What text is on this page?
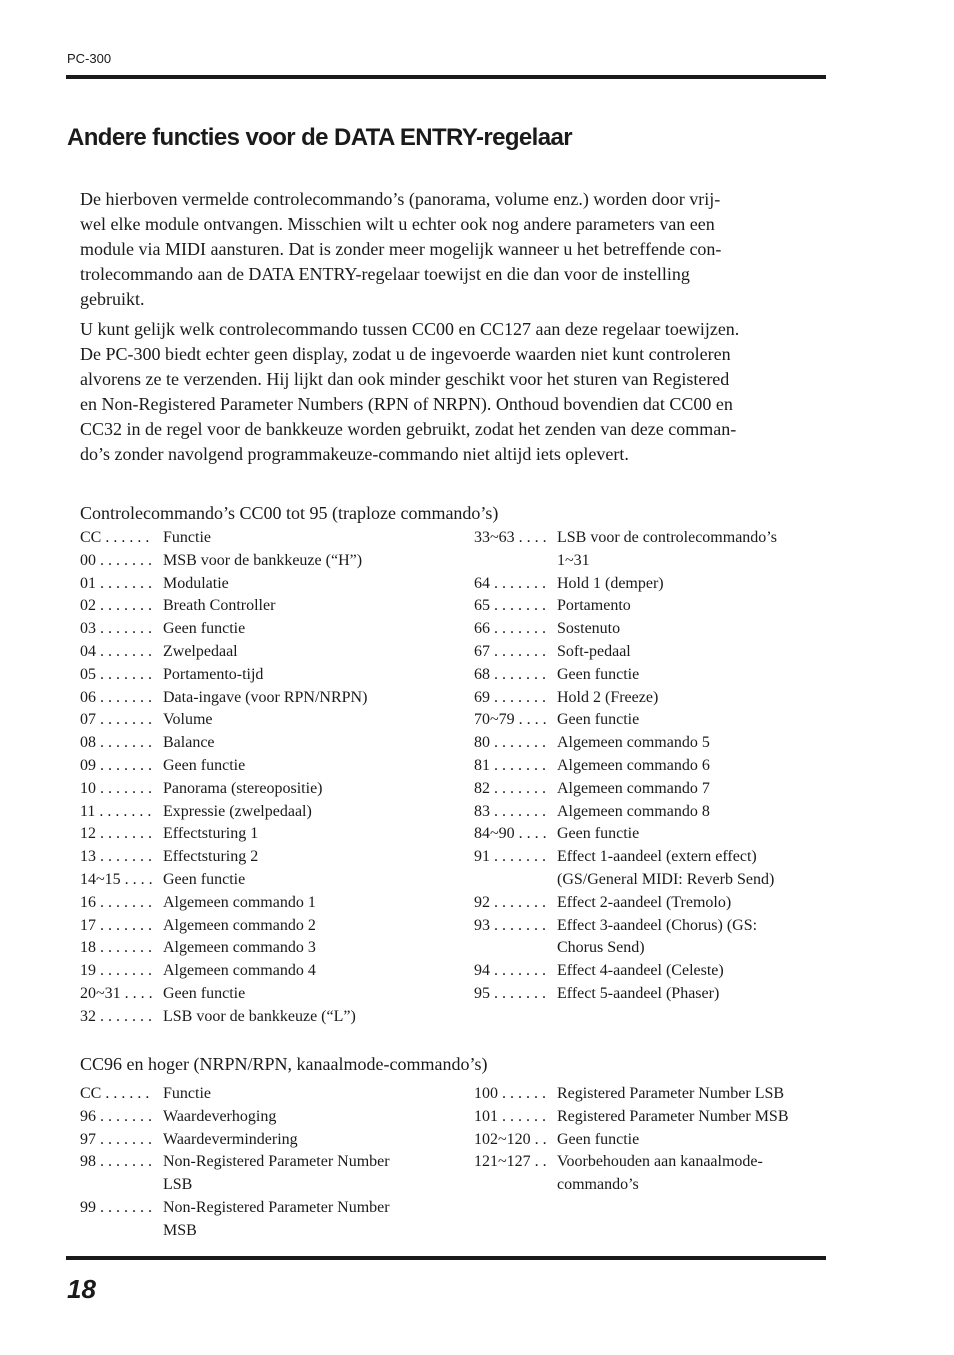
PC-300
Andere functies voor de DATA ENTRY-regelaar

De hierboven vermelde controlecommando’s (panorama, volume enz.) worden door vrij-
wel elke module ontvangen. Misschien wilt u echter ook nog andere parameters van een
module via MIDI aansturen. Dat is zonder meer mogelijk wanneer u het betreffende con-
trolecommando aan de DATA ENTRY-regelaar toewijst en die dan voor de instelling
gebruikt.

U kunt gelijk welk controlecommando tussen CC00 en CC127 aan deze regelaar toewijzen.
De PC-300 biedt echter geen display, zodat u de ingevoerde waarden niet kunt controleren
alvorens ze te verzenden. Hij lijkt dan ook minder geschikt voor het sturen van Registered
en Non-Registered Parameter Numbers (RPN of NRPN). Onthoud bovendien dat CC00 en
CC32 in de regel voor de bankkeuze worden gebruikt, zodat het zenden van deze comman-
do’s zonder navolgend programmakeuze-commando niet altijd iets oplevert.

Controlecommando’s CC00 tot 95 (traploze commando’s)
CC . . . . . . Functie
00 . . . . . . . MSB voor de bankkeuze (“H”)
01 . . . . . . . Modulatie
02 . . . . . . . Breath Controller
03 . . . . . . . Geen functie
04 . . . . . . . Zwelpedaal
05 . . . . . . . Portamento-tijd
06 . . . . . . . Data-ingave (voor RPN/NRPN)
07 . . . . . . . Volume
08 . . . . . . . Balance
09 . . . . . . . Geen functie
10 . . . . . . . Panorama (stereopositie)
11 . . . . . . . Expressie (zwelpedaal)
12 . . . . . . . Effectsturing 1
13 . . . . . . . Effectsturing 2
14~15 . . . . Geen functie
16 . . . . . . . Algemeen commando 1
17 . . . . . . . Algemeen commando 2
18 . . . . . . . Algemeen commando 3
19 . . . . . . . Algemeen commando 4
20~31 . . . . Geen functie
32 . . . . . . . LSB voor de bankkeuze (“L”)
33~63 . . . . LSB voor de controlecommando’s
1~31
64 . . . . . . . Hold 1 (demper)
65 . . . . . . . Portamento
66 . . . . . . . Sostenuto
67 . . . . . . . Soft-pedaal
68 . . . . . . . Geen functie
69 . . . . . . . Hold 2 (Freeze)
70~79 . . . . Geen functie
80 . . . . . . . Algemeen commando 5
81 . . . . . . . Algemeen commando 6
82 . . . . . . . Algemeen commando 7
83 . . . . . . . Algemeen commando 8
84~90 . . . . Geen functie
91 . . . . . . . Effect 1-aandeel (extern effect)
(GS/General MIDI: Reverb Send)
92 . . . . . . . Effect 2-aandeel (Tremolo)
93 . . . . . . . Effect 3-aandeel (Chorus) (GS:
Chorus Send)
94 . . . . . . . Effect 4-aandeel (Celeste)
95 . . . . . . . Effect 5-aandeel (Phaser)
CC96 en hoger (NRPN/RPN, kanaalmode-commando’s)
CC . . . . . . Functie
96 . . . . . . . Waardeverhoging
97 . . . . . . . Waardevermindering
98 . . . . . . . Non-Registered Parameter Number
LSB
99 . . . . . . . Non-Registered Parameter Number
MSB
100 . . . . . . Registered Parameter Number LSB
101 . . . . . . Registered Parameter Number MSB
102~120 . . Geen functie
121~127 . . Voorbehouden aan kanaalmode-
commando’s
18
